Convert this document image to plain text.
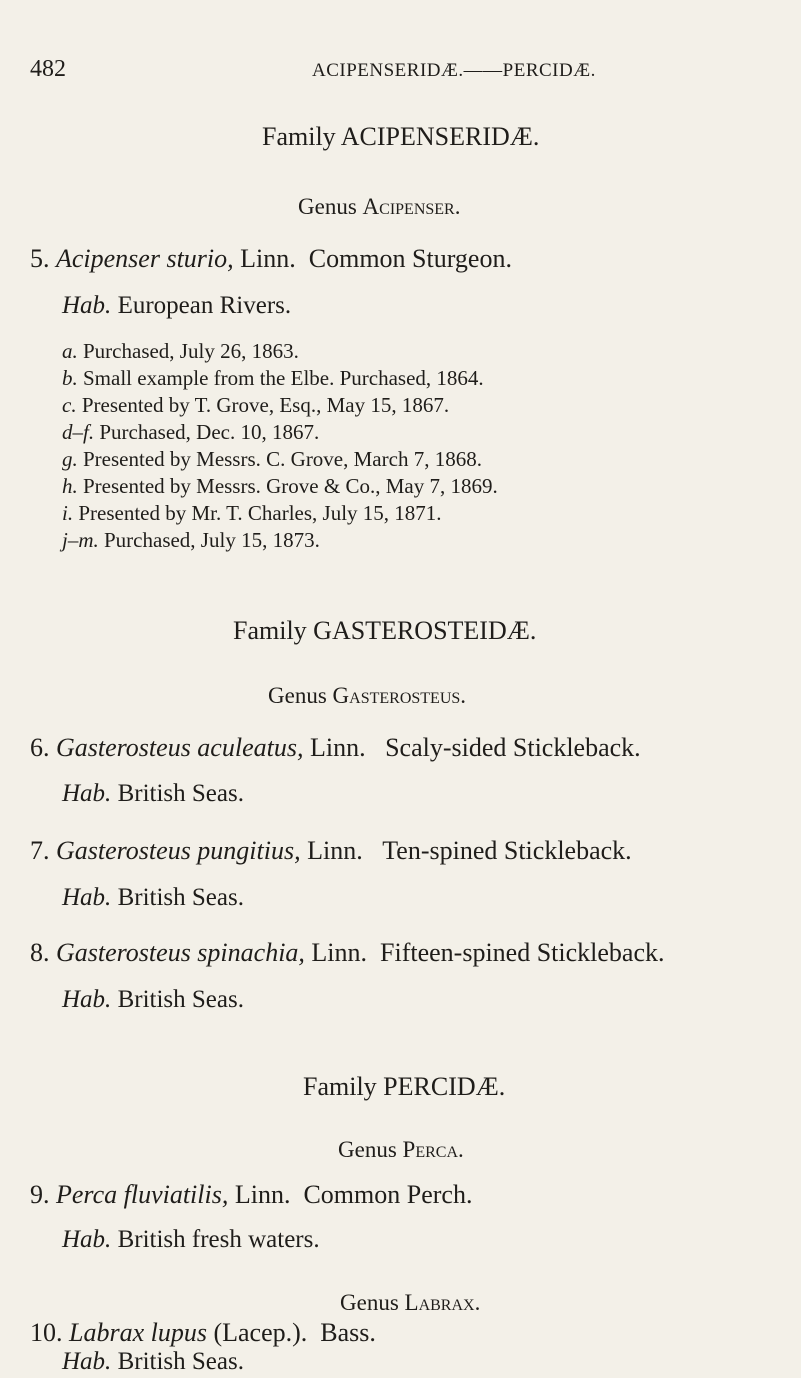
482	ACIPENSERIDÆ.——PERCIDÆ.
Family ACIPENSERIDÆ.
Genus Acipenser.
5. Acipenser sturio, Linn. Common Sturgeon.
Hab. European Rivers.
a. Purchased, July 26, 1863.
b. Small example from the Elbe. Purchased, 1864.
c. Presented by T. Grove, Esq., May 15, 1867.
d–f. Purchased, Dec. 10, 1867.
g. Presented by Messrs. C. Grove, March 7, 1868.
h. Presented by Messrs. Grove & Co., May 7, 1869.
i. Presented by Mr. T. Charles, July 15, 1871.
j–m. Purchased, July 15, 1873.
Family GASTEROSTEIDÆ.
Genus Gasterosteus.
6. Gasterosteus aculeatus, Linn. Scaly-sided Stickleback.
Hab. British Seas.
7. Gasterosteus pungitius, Linn. Ten-spined Stickleback.
Hab. British Seas.
8. Gasterosteus spinachia, Linn. Fifteen-spined Stickleback.
Hab. British Seas.
Family PERCIDÆ.
Genus Perca.
9. Perca fluviatilis, Linn. Common Perch.
Hab. British fresh waters.
Genus Labrax.
10. Labrax lupus (Lacep.). Bass.
Hab. British Seas.
